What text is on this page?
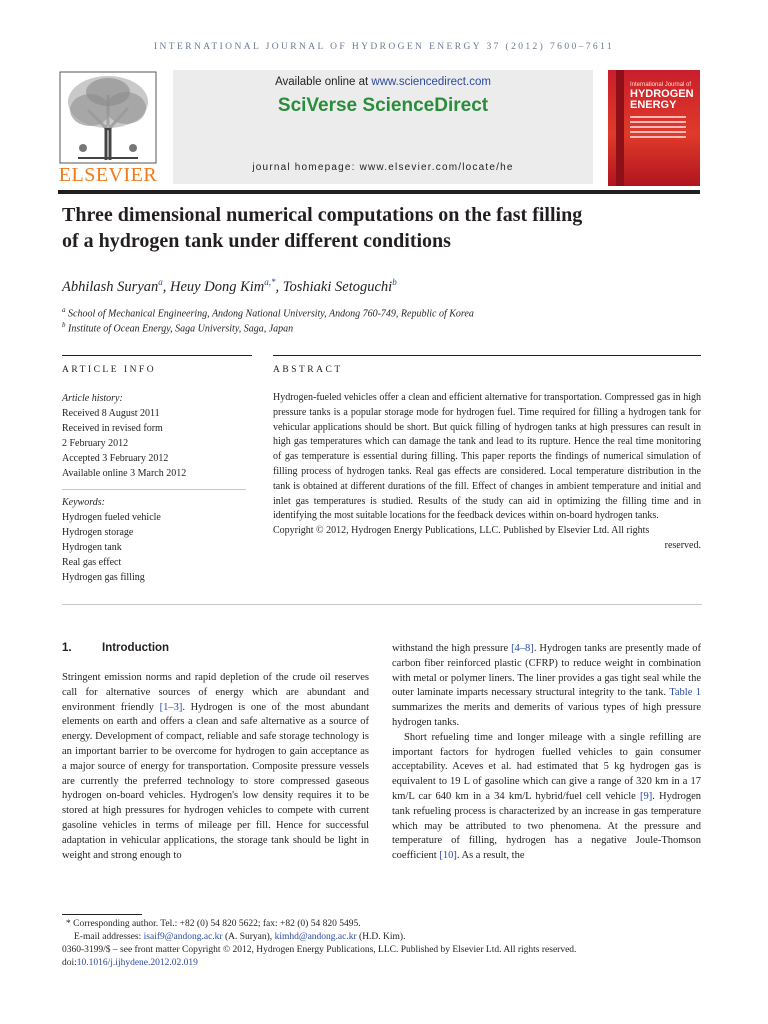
INTERNATIONAL JOURNAL OF HYDROGEN ENERGY 37 (2012) 7600–7611
ELSEVIER
Available online at www.sciencedirect.com
SciVerse ScienceDirect
journal homepage: www.elsevier.com/locate/he
International Journal of
HYDROGEN
ENERGY
Three dimensional numerical computations on the fast filling
of a hydrogen tank under different conditions
Abhilash Suryan$^a$, Heuy Dong Kim$^{a,*}$, Toshiaki Setoguchi$^b$
$^a$ School of Mechanical Engineering, Andong National University, Andong 760-749, Republic of Korea
$^b$ Institute of Ocean Energy, Saga University, Saga, Japan
ARTICLE INFO	ABSTRACT
Article history:
Received 8 August 2011
Received in revised form
2 February 2012
Accepted 3 February 2012
Available online 3 March 2012
Keywords:
Hydrogen fueled vehicle
Hydrogen storage
Hydrogen tank
Real gas effect
Hydrogen gas filling
Hydrogen-fueled vehicles offer a clean and efficient alternative for transportation. Compressed gas in high pressure tanks is a popular storage mode for hydrogen fuel. Time required for filling a hydrogen tank for vehicular applications should be short. But quick filling of hydrogen tanks at high pressures can result in high gas temperatures which can damage the tank and lead to its rupture. Hence the real time monitoring of gas temperature is essential during filling. This paper reports the findings of numerical simulation of filling process of hydrogen tanks. Real gas effects are considered. Local temperature distribution in the tank is obtained at different durations of the fill. Effect of changes in ambient temperature and initial and inlet gas temperatures is studied. Results of the study can aid in optimizing the filling time and in identifying the most suitable locations for the feedback devices within on-board hydrogen tanks.
Copyright © 2012, Hydrogen Energy Publications, LLC. Published by Elsevier Ltd. All rights
reserved.
1.	Introduction

Stringent emission norms and rapid depletion of the crude oil reserves call for alternative sources of energy which are abundant and environment friendly [1–3]. Hydrogen is one of the most abundant elements on earth and offers a clean and safe alternative as a source of energy. Development of compact, reliable and safe storage technology is an important barrier to be overcome for hydrogen to gain acceptance as a major source of energy for transportation. Composite pressure vessels are currently the preferred technology to store compressed gaseous hydrogen on-board vehicles. Hydrogen's low density requires it to be stored at high pressures for hydrogen vehicles to compete with current gasoline vehicles in terms of mileage per fill. Hence for successful adaptation in vehicular applications, the storage tank should be light in weight and strong enough to

withstand the high pressure [4–8]. Hydrogen tanks are presently made of carbon fiber reinforced plastic (CFRP) to reduce weight in combination with metal or polymer liners. The liner provides a gas tight seal while the outer laminate imparts necessary structural integrity to the tank. Table 1 summarizes the merits and demerits of various types of high pressure hydrogen tanks.

Short refueling time and longer mileage with a single refilling are important factors for hydrogen fuelled vehicles to gain consumer acceptability. Aceves et al. had estimated that 5 kg hydrogen gas is equivalent to 19 L of gasoline which can give a range of 320 km in a 17 km/L car 640 km in a 34 km/L hybrid/fuel cell vehicle [9]. Hydrogen tank refueling process is characterized by an increase in gas temperature which may be attributed to two phenomena. At the pressure and temperature of filling, hydrogen has a negative Joule-Thomson coefficient [10]. As a result, the

* Corresponding author. Tel.: +82 (0) 54 820 5622; fax: +82 (0) 54 820 5495.
E-mail addresses: isaif9@andong.ac.kr (A. Suryan), kimhd@andong.ac.kr (H.D. Kim).
0360-3199/$ – see front matter Copyright © 2012, Hydrogen Energy Publications, LLC. Published by Elsevier Ltd. All rights reserved.
doi:10.1016/j.ijhydene.2012.02.019
